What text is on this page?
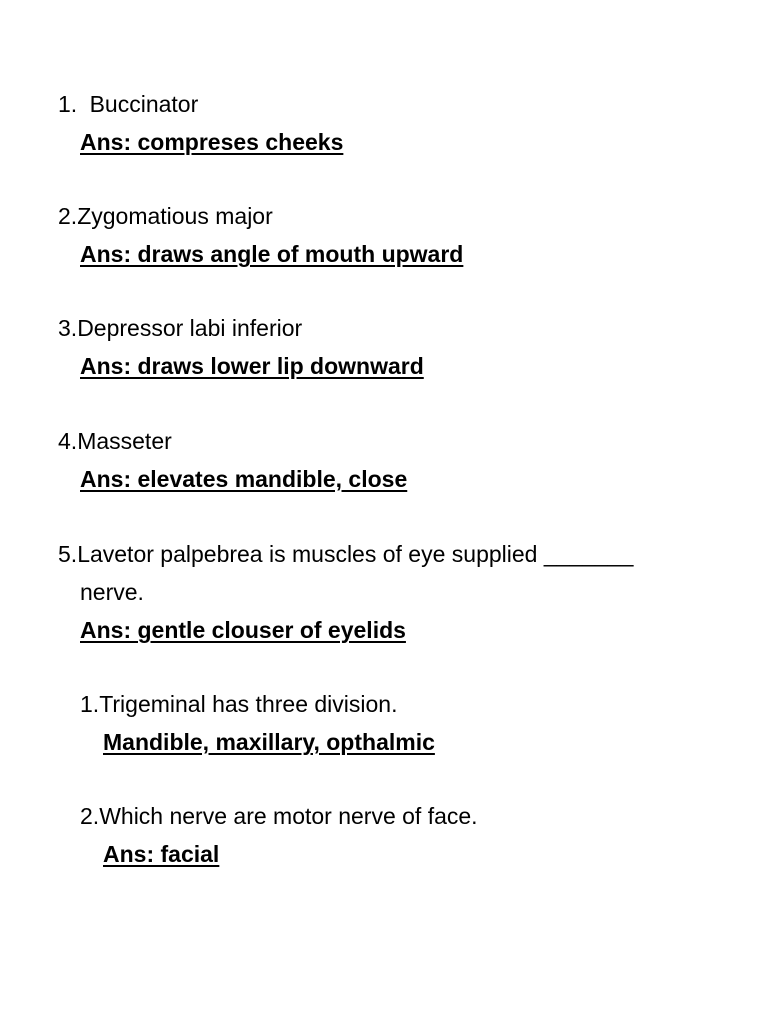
1. Buccinator
Ans: compreses cheeks
2.Zygomatious major
Ans: draws angle of mouth upward
3.Depressor labi inferior
Ans: draws lower lip downward
4.Masseter
Ans: elevates mandible, close
5.Lavetor palpebrea is muscles of eye supplied _______
nerve.
Ans: gentle clouser of eyelids
1.Trigeminal has three division.
Mandible, maxillary, opthalmic
2.Which nerve are motor nerve of face.
Ans: facial
